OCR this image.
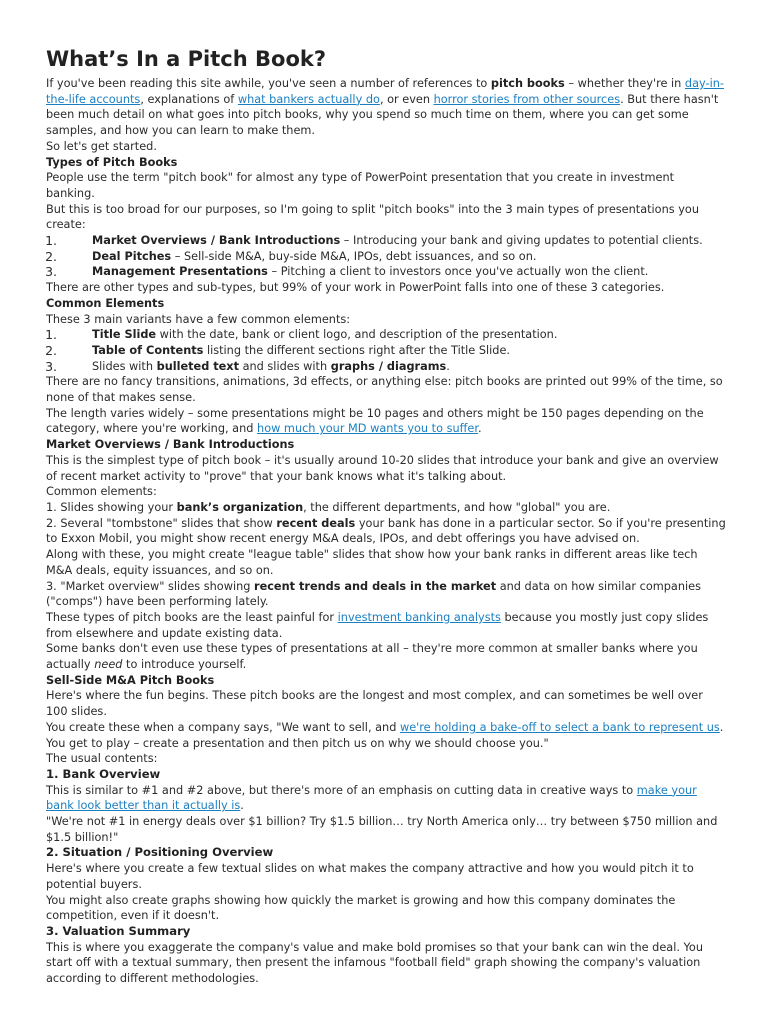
What’s In a Pitch Book?

If you've been reading this site awhile, you've seen a number of references to pitch books – whether they're in day-in-the-life accounts, explanations of what bankers actually do, or even horror stories from other sources. But there hasn't been much detail on what goes into pitch books, why you spend so much time on them, where you can get some samples, and how you can learn to make them.

So let's get started.

Types of Pitch Books

People use the term "pitch book" for almost any type of PowerPoint presentation that you create in investment banking.

But this is too broad for our purposes, so I'm going to split "pitch books" into the 3 main types of presentations you create:

1.	Market Overviews / Bank Introductions – Introducing your bank and giving updates to potential clients.
2.	Deal Pitches – Sell-side M&A, buy-side M&A, IPOs, debt issuances, and so on.
3.	Management Presentations – Pitching a client to investors once you've actually won the client.

There are other types and sub-types, but 99% of your work in PowerPoint falls into one of these 3 categories.

Common Elements

These 3 main variants have a few common elements:

1.	Title Slide with the date, bank or client logo, and description of the presentation.
2.	Table of Contents listing the different sections right after the Title Slide.
3.	Slides with bulleted text and slides with graphs / diagrams.

There are no fancy transitions, animations, 3d effects, or anything else: pitch books are printed out 99% of the time, so none of that makes sense.

The length varies widely – some presentations might be 10 pages and others might be 150 pages depending on the category, where you're working, and how much your MD wants you to suffer.

Market Overviews / Bank Introductions

This is the simplest type of pitch book – it's usually around 10-20 slides that introduce your bank and give an overview of recent market activity to "prove" that your bank knows what it's talking about.

Common elements:

1. Slides showing your bank’s organization, the different departments, and how "global" you are.

2. Several "tombstone" slides that show recent deals your bank has done in a particular sector. So if you're presenting to Exxon Mobil, you might show recent energy M&A deals, IPOs, and debt offerings you have advised on.

Along with these, you might create "league table" slides that show how your bank ranks in different areas like tech M&A deals, equity issuances, and so on.

3. "Market overview" slides showing recent trends and deals in the market and data on how similar companies ("comps") have been performing lately.

These types of pitch books are the least painful for investment banking analysts because you mostly just copy slides from elsewhere and update existing data.

Some banks don't even use these types of presentations at all – they're more common at smaller banks where you actually need to introduce yourself.

Sell-Side M&A Pitch Books

Here's where the fun begins. These pitch books are the longest and most complex, and can sometimes be well over 100 slides.

You create these when a company says, "We want to sell, and we're holding a bake-off to select a bank to represent us. You get to play – create a presentation and then pitch us on why we should choose you."

The usual contents:

1. Bank Overview

This is similar to #1 and #2 above, but there's more of an emphasis on cutting data in creative ways to make your bank look better than it actually is.

"We're not #1 in energy deals over $1 billion? Try $1.5 billion… try North America only… try between $750 million and $1.5 billion!"

2. Situation / Positioning Overview

Here's where you create a few textual slides on what makes the company attractive and how you would pitch it to potential buyers.

You might also create graphs showing how quickly the market is growing and how this company dominates the competition, even if it doesn't.

3. Valuation Summary

This is where you exaggerate the company's value and make bold promises so that your bank can win the deal. You start off with a textual summary, then present the infamous "football field" graph showing the company's valuation according to different methodologies.
